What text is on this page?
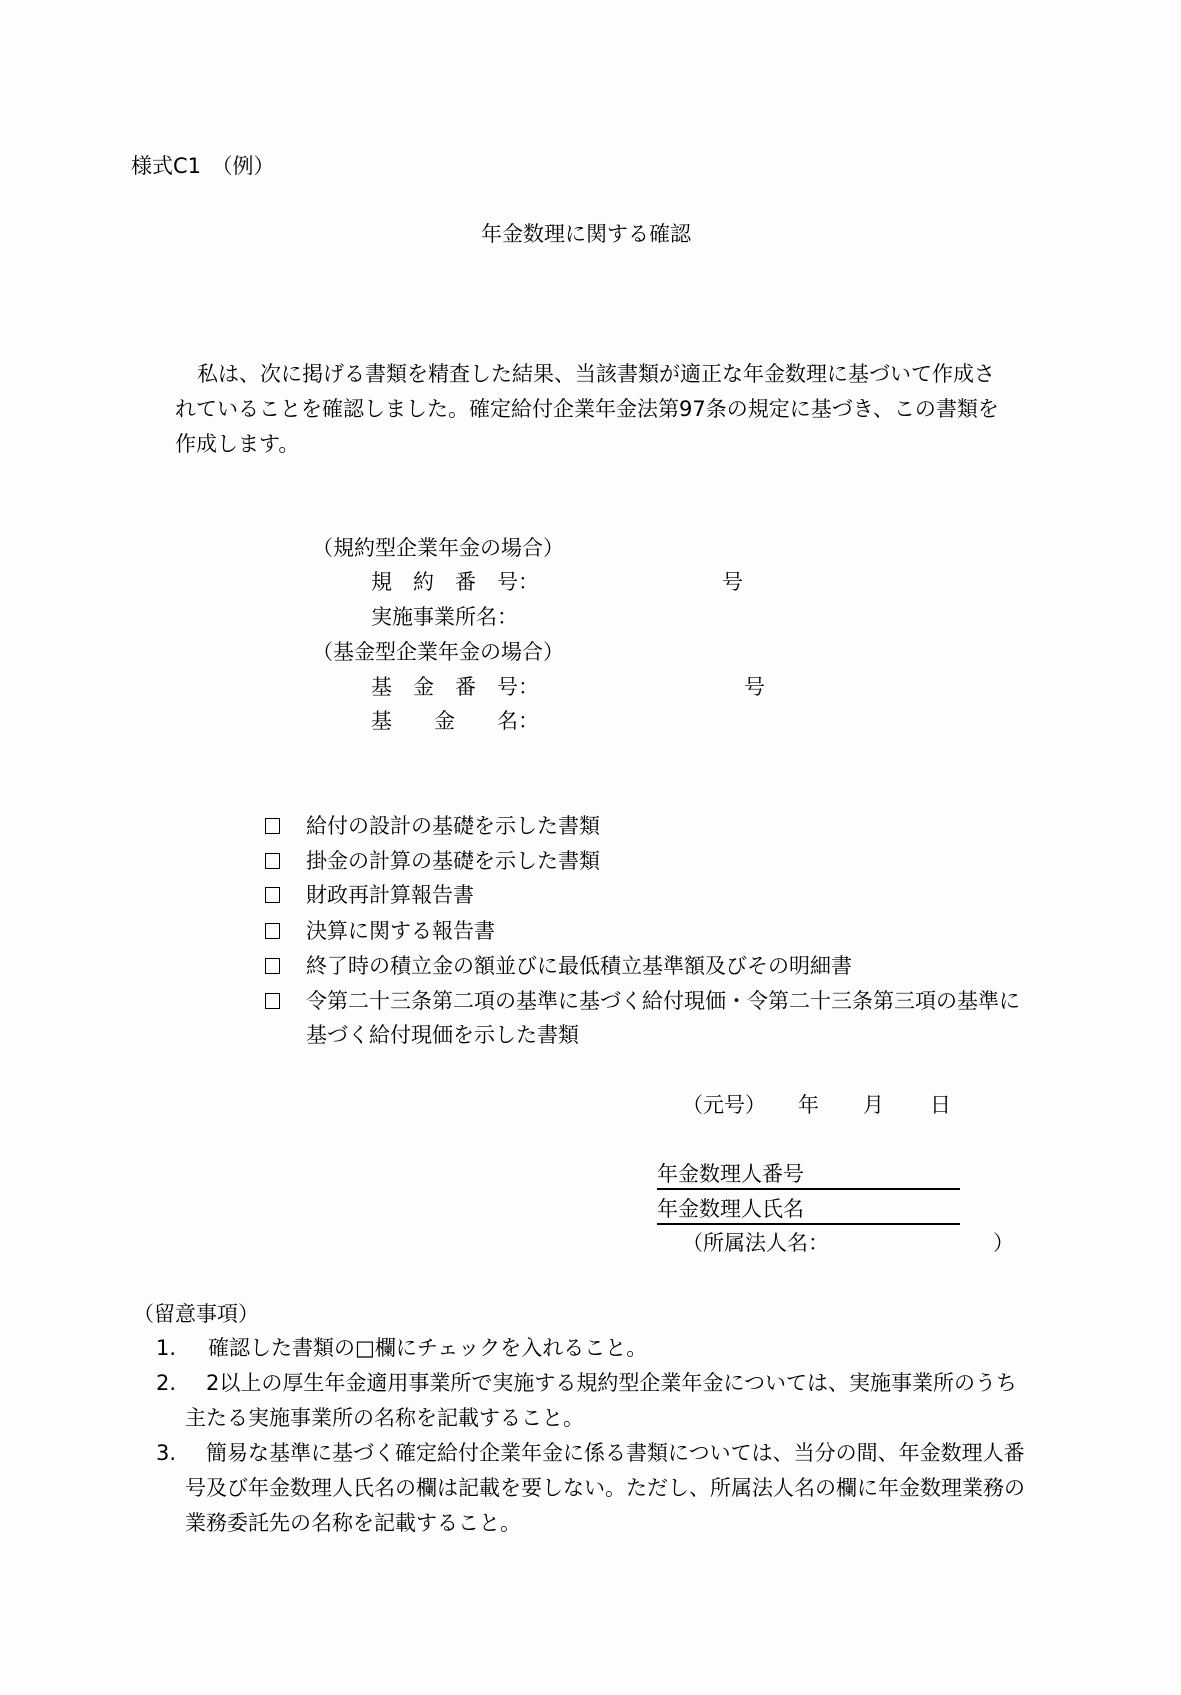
様式C1　（例）
年金数理に関する確認
私は、次に掲げる書類を精査した結果、当該書類が適正な年金数理に基づいて作成さ
れていることを確認しました。確定給付企業年金法第97条の規定に基づき、この書類を
作成します。
（規約型企業年金の場合）
規　約　番　号：	号
実施事業所名：
（基金型企業年金の場合）
基　金　番　号：	号
基　　金　　名：
給付の設計の基礎を示した書類
掛金の計算の基礎を示した書類
財政再計算報告書
決算に関する報告書
終了時の積立金の額並びに最低積立基準額及びその明細書
令第二十三条第二項の基準に基づく給付現価・令第二十三条第三項の基準に
基づく給付現価を示した書類
（元号） 年 月 日
年金数理人番号
年金数理人氏名
（所属法人名：	）
（留意事項）
1. 確認した書類の□欄にチェックを入れること。
2. 2以上の厚生年金適用事業所で実施する規約型企業年金については、実施事業所のうち
主たる実施事業所の名称を記載すること。
3. 簡易な基準に基づく確定給付企業年金に係る書類については、当分の間、年金数理人番
号及び年金数理人氏名の欄は記載を要しない。ただし、所属法人名の欄に年金数理業務の
業務委託先の名称を記載すること。
